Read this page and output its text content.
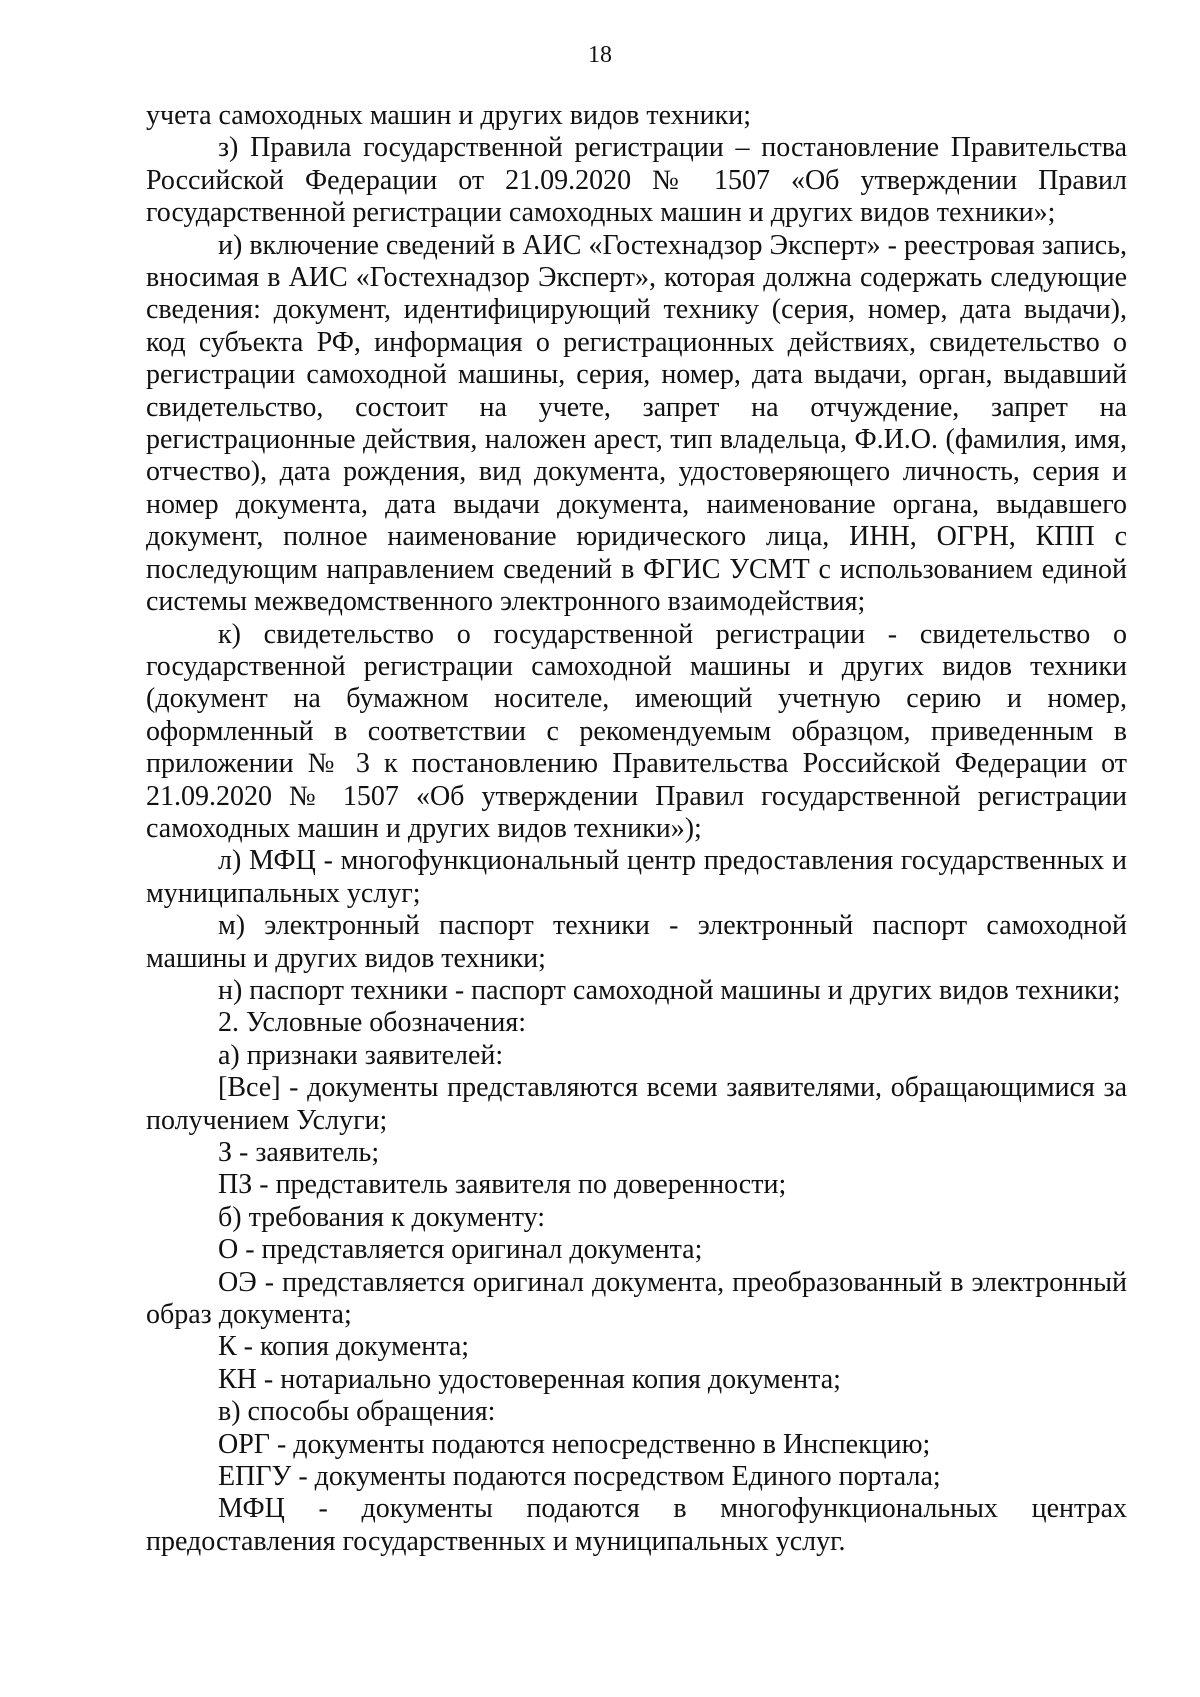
18

учета самоходных машин и других видов техники;

з) Правила государственной регистрации – постановление Правительства Российской Федерации от 21.09.2020 № 1507 «Об утверждении Правил государственной регистрации самоходных машин и других видов техники»;

и) включение сведений в АИС «Гостехнадзор Эксперт» - реестровая запись, вносимая в АИС «Гостехнадзор Эксперт», которая должна содержать следующие сведения: документ, идентифицирующий технику (серия, номер, дата выдачи), код субъекта РФ, информация о регистрационных действиях, свидетельство о регистрации самоходной машины, серия, номер, дата выдачи, орган, выдавший свидетельство, состоит на учете, запрет на отчуждение, запрет на регистрационные действия, наложен арест, тип владельца, Ф.И.О. (фамилия, имя, отчество), дата рождения, вид документа, удостоверяющего личность, серия и номер документа, дата выдачи документа, наименование органа, выдавшего документ, полное наименование юридического лица, ИНН, ОГРН, КПП с последующим направлением сведений в ФГИС УСМТ с использованием единой системы межведомственного электронного взаимодействия;

к) свидетельство о государственной регистрации - свидетельство о государственной регистрации самоходной машины и других видов техники (документ на бумажном носителе, имеющий учетную серию и номер, оформленный в соответствии с рекомендуемым образцом, приведенным в приложении № 3 к постановлению Правительства Российской Федерации от 21.09.2020 № 1507 «Об утверждении Правил государственной регистрации самоходных машин и других видов техники»);

л) МФЦ - многофункциональный центр предоставления государственных и муниципальных услуг;

м) электронный паспорт техники - электронный паспорт самоходной машины и других видов техники;

н) паспорт техники - паспорт самоходной машины и других видов техники;

2. Условные обозначения:

а) признаки заявителей:

[Все] - документы представляются всеми заявителями, обращающимися за получением Услуги;

З - заявитель;

ПЗ - представитель заявителя по доверенности;

б) требования к документу:

О - представляется оригинал документа;

ОЭ - представляется оригинал документа, преобразованный в электронный образ документа;

К - копия документа;

КН - нотариально удостоверенная копия документа;

в) способы обращения:

ОРГ - документы подаются непосредственно в Инспекцию;

ЕПГУ - документы подаются посредством Единого портала;

МФЦ - документы подаются в многофункциональных центрах предоставления государственных и муниципальных услуг.
